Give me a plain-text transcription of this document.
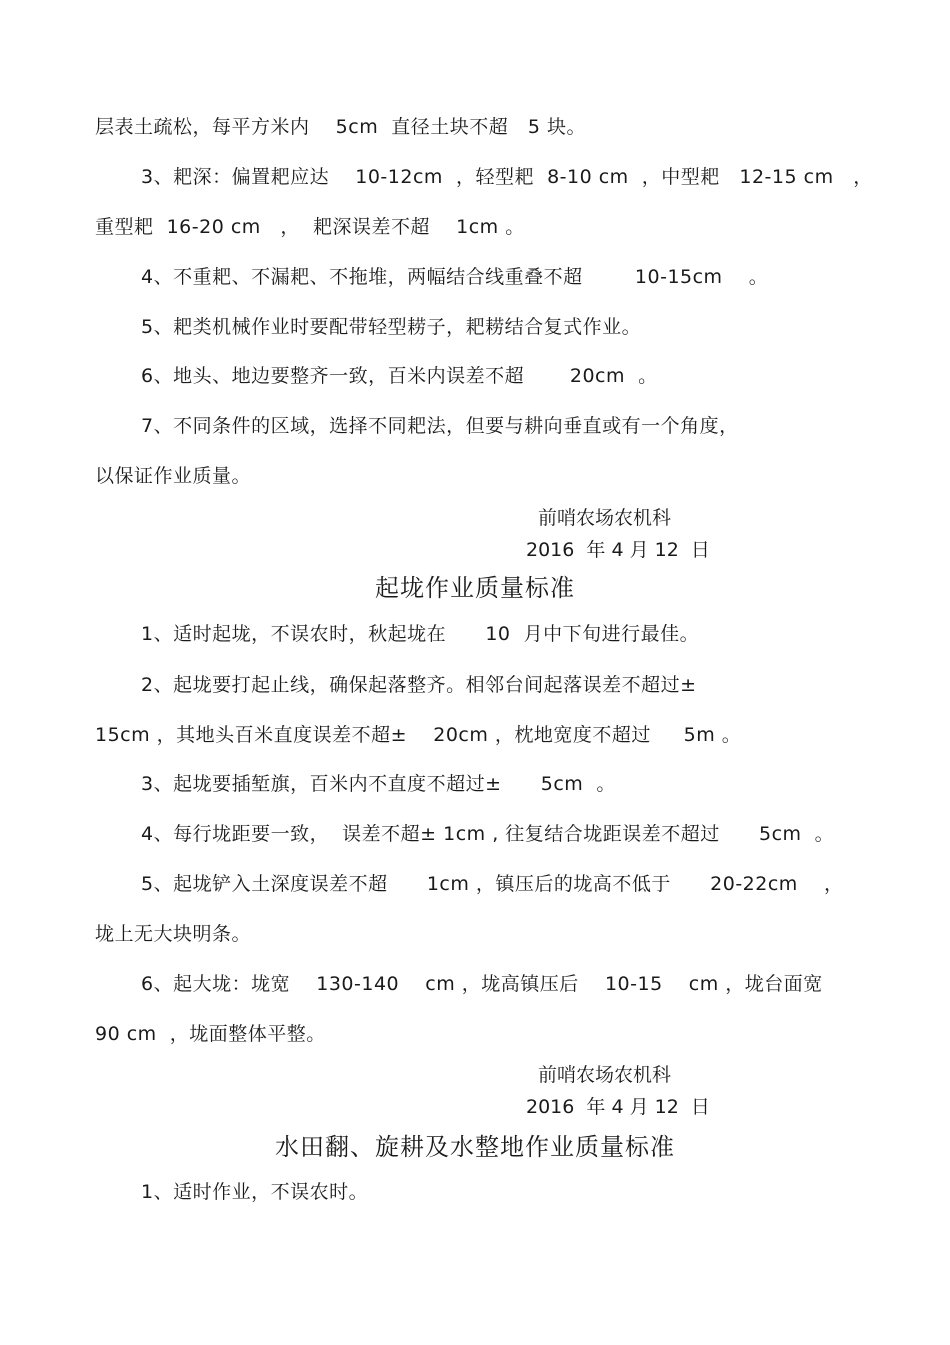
层表土疏松，每平方米内    5cm  直径土块不超   5 块。
3、耙深：偏置耙应达    10-12cm  ，轻型耙  8-10 cm  ，中型耙   12-15 cm   ，
重型耙  16-20 cm   ，  耙深误差不超    1cm 。
4、不重耙、不漏耙、不拖堆，两幅结合线重叠不超        10-15cm    。
5、耙类机械作业时要配带轻型耢子，耙耢结合复式作业。
6、地头、地边要整齐一致，百米内误差不超       20cm  。
7、不同条件的区域，选择不同耙法，但要与耕向垂直或有一个角度，
以保证作业质量。
前哨农场农机科
2016  年 4 月 12  日
起垅作业质量标准
1、适时起垅，不误农时，秋起垅在      10  月中下旬进行最佳。
2、起垅要打起止线，确保起落整齐。相邻台间起落误差不超过±
15cm ，其地头百米直度误差不超±    20cm ，枕地宽度不超过     5m 。
3、起垅要插堑旗，百米内不直度不超过±      5cm  。
4、每行垅距要一致，  误差不超± 1cm , 往复结合垅距误差不超过      5cm  。
5、起垅铲入土深度误差不超      1cm ，镇压后的垅高不低于      20-22cm    ，
垅上无大块明条。
6、起大垅：垅宽    130-140    cm ，垅高镇压后    10-15    cm ，垅台面宽
90 cm  ，垅面整体平整。
前哨农场农机科
2016  年 4 月 12  日
水田翻、旋耕及水整地作业质量标准
1、适时作业，不误农时。
